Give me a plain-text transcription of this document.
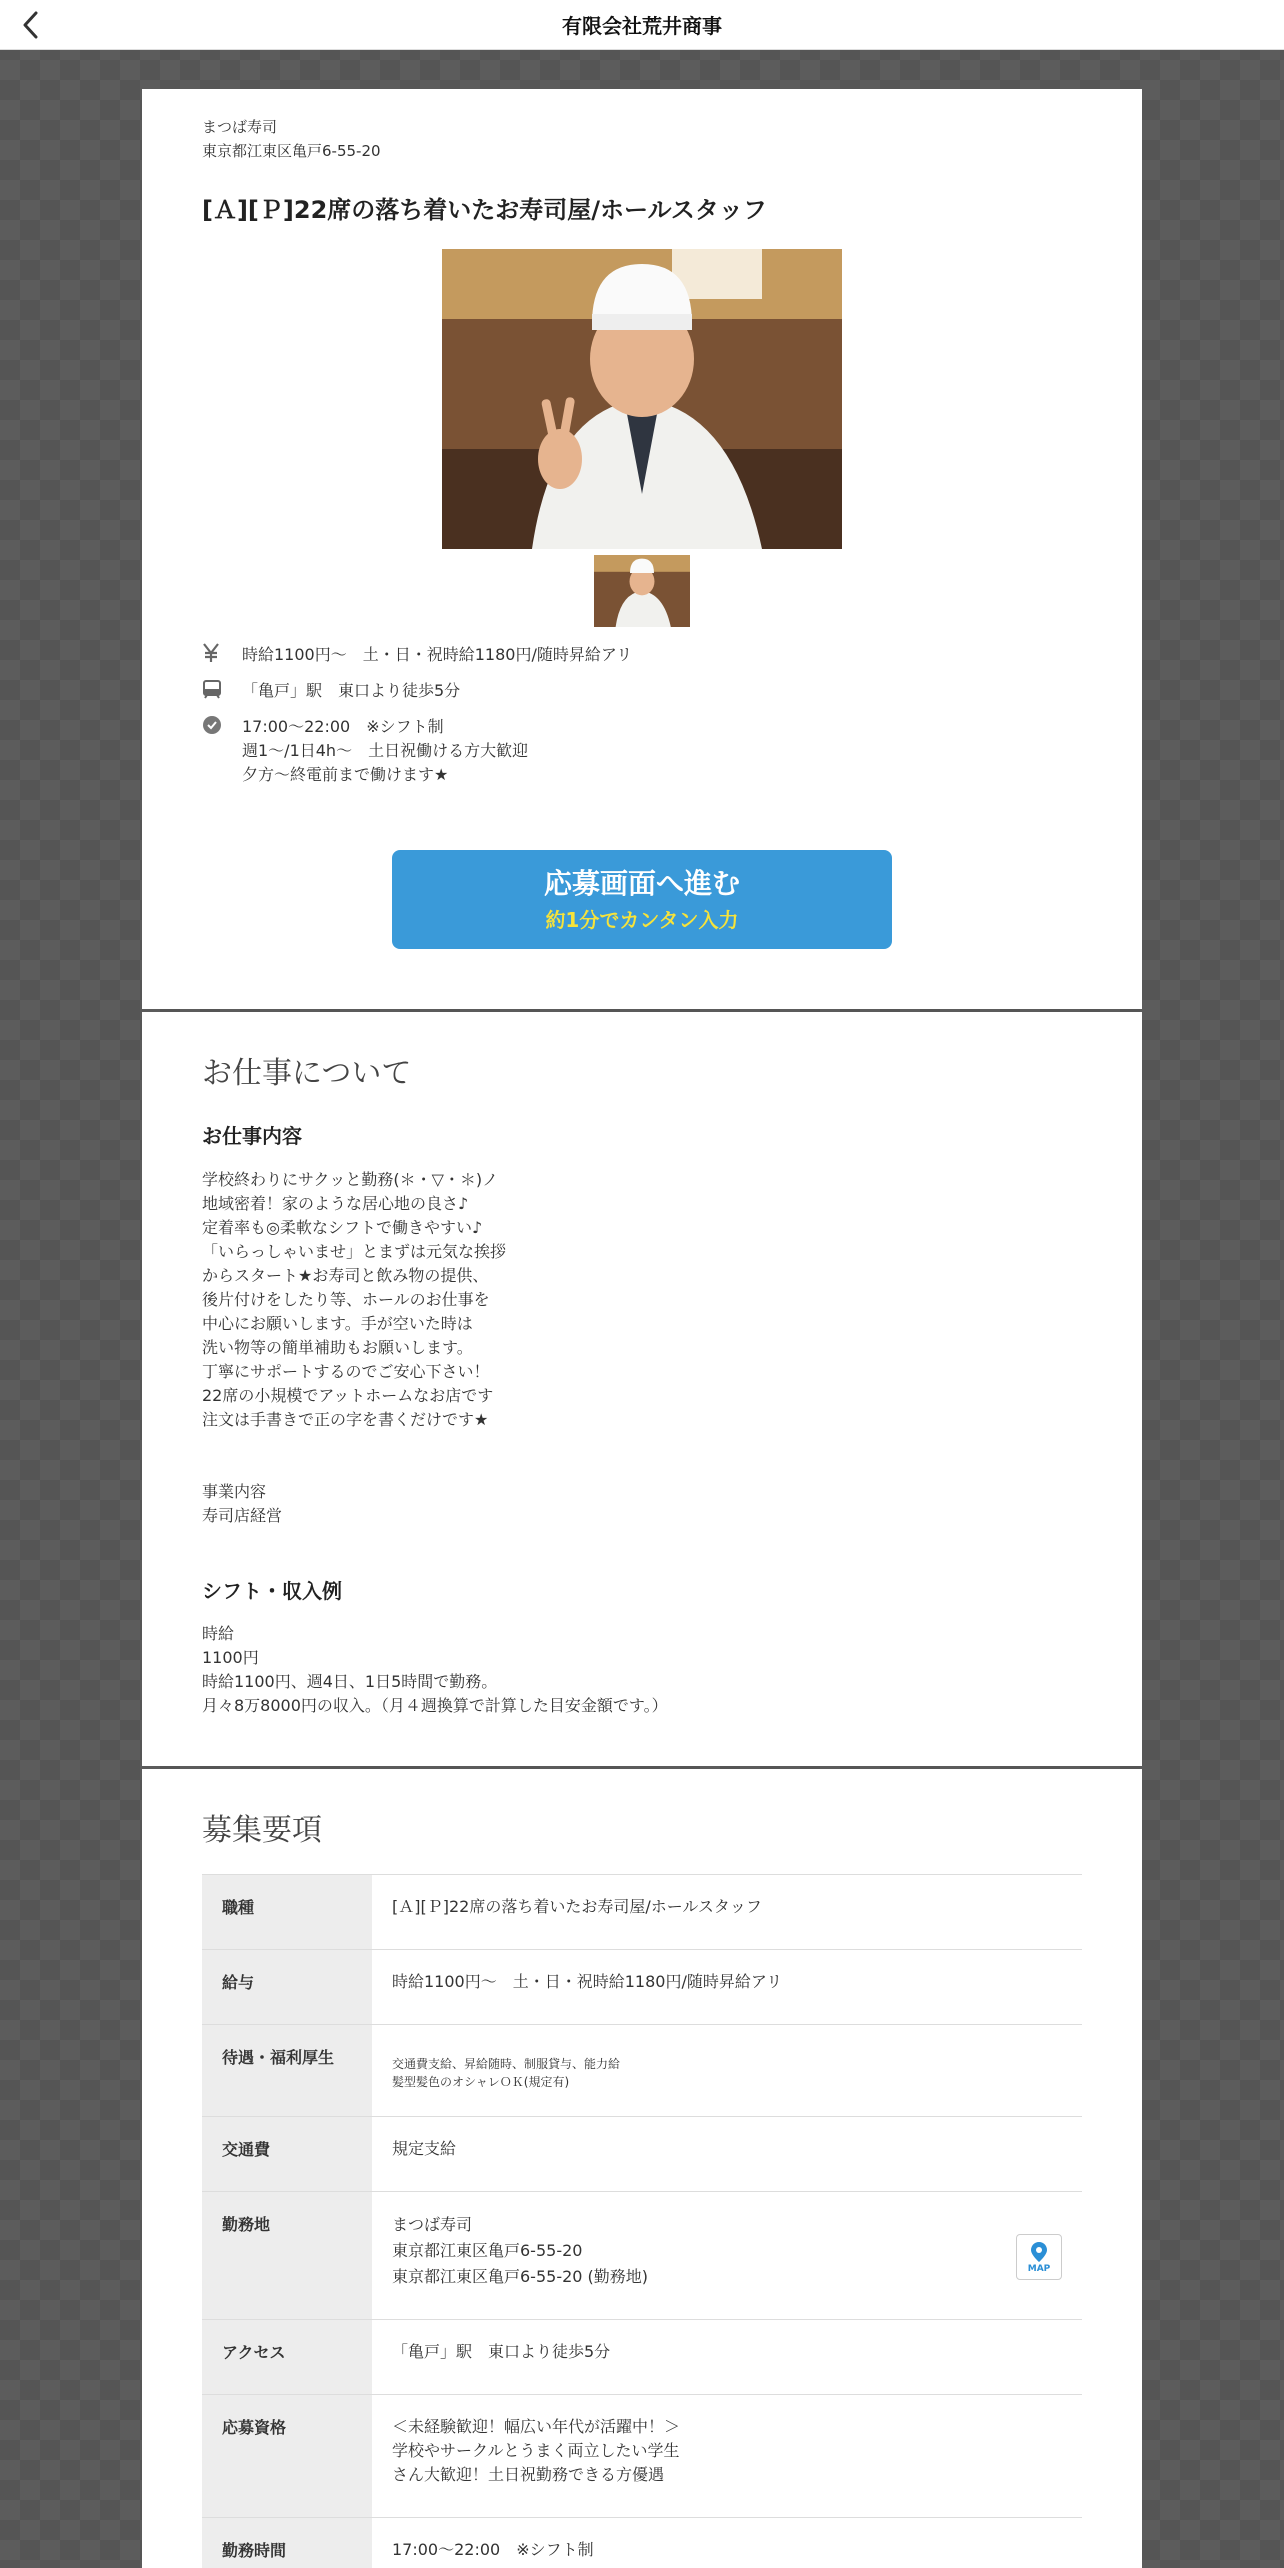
有限会社荒井商事
まつば寿司
東京都江東区亀戸6-55-20
[Ａ][Ｐ]22席の落ち着いたお寿司屋/ホールスタッフ
時給1100円～　土・日・祝時給1180円/随時昇給アリ
「亀戸」駅　東口より徒歩5分
17:00～22:00　※シフト制
週1～/1日4h～　土日祝働ける方大歓迎
夕方～終電前まで働けます★
応募画面へ進む
約1分でカンタン入力
お仕事について
お仕事内容
学校終わりにサクッと勤務(＊・▽・＊)ノ
地域密着！家のような居心地の良さ♪
定着率も◎柔軟なシフトで働きやすい♪
「いらっしゃいませ」とまずは元気な挨拶
からスタート★お寿司と飲み物の提供、
後片付けをしたり等、ホールのお仕事を
中心にお願いします。手が空いた時は
洗い物等の簡単補助もお願いします。
丁寧にサポートするのでご安心下さい！
22席の小規模でアットホームなお店です
注文は手書きで正の字を書くだけです★
事業内容
寿司店経営
シフト・収入例
時給
1100円
時給1100円、週4日、1日5時間で勤務。
月々8万8000円の収入。（月４週換算で計算した目安金額です。）
募集要項
職種	[Ａ][Ｐ]22席の落ち着いたお寿司屋/ホールスタッフ
給与	時給1100円～　土・日・祝時給1180円/随時昇給アリ
待遇・福利厚生	交通費支給、昇給随時、制服貸与、能力給
髪型髪色のオシャレＯＫ(規定有)
交通費	規定支給
勤務地	まつば寿司
東京都江東区亀戸6-55-20
東京都江東区亀戸6-55-20 (勤務地)	MAP
アクセス	「亀戸」駅　東口より徒歩5分
応募資格	＜未経験歓迎！幅広い年代が活躍中！＞
学校やサークルとうまく両立したい学生
さん大歓迎！土日祝勤務できる方優遇
勤務時間	17:00～22:00　※シフト制
